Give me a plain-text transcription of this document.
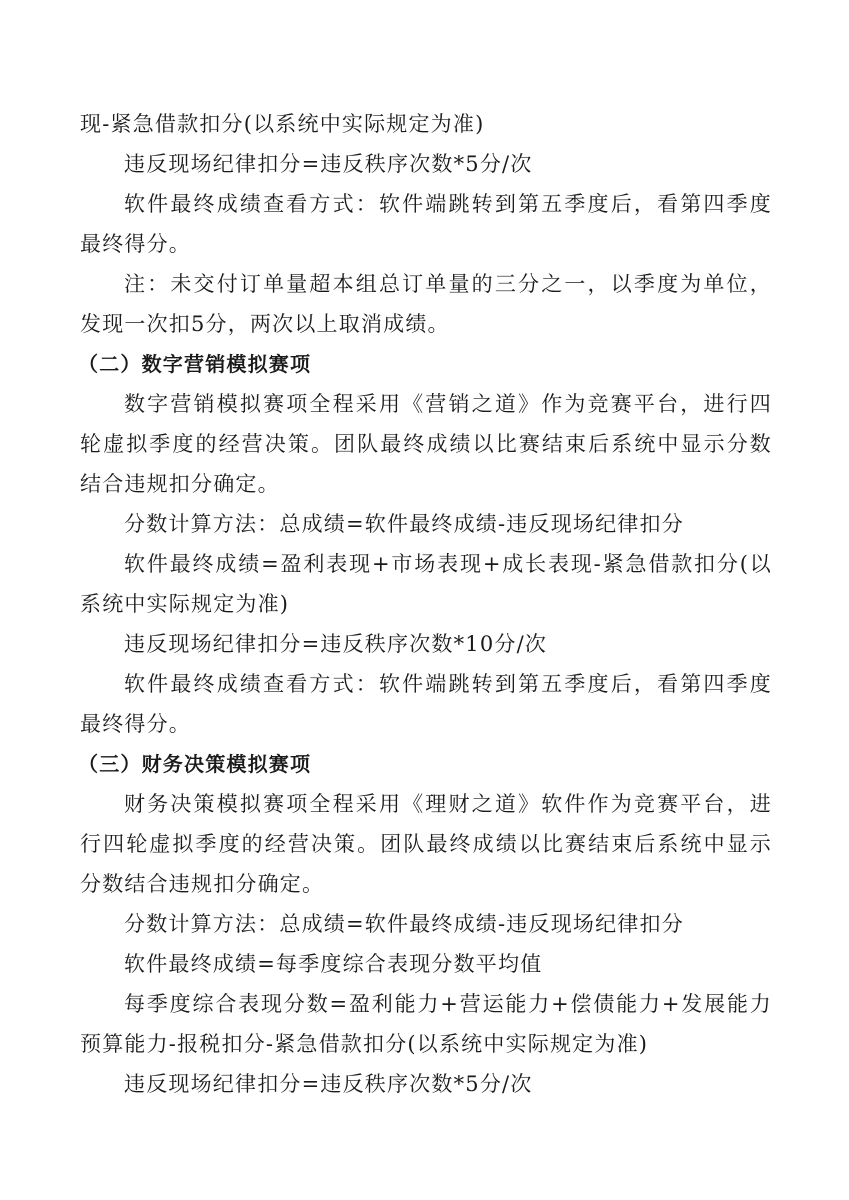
现-紧急借款扣分(以系统中实际规定为准)
违反现场纪律扣分=违反秩序次数*5分/次
软件最终成绩查看方式：软件端跳转到第五季度后，看第四季度
最终得分。
注：未交付订单量超本组总订单量的三分之一，以季度为单位，
发现一次扣5分，两次以上取消成绩。
（二）数字营销模拟赛项
数字营销模拟赛项全程采用《营销之道》作为竞赛平台，进行四
轮虚拟季度的经营决策。团队最终成绩以比赛结束后系统中显示分数
结合违规扣分确定。
分数计算方法：总成绩=软件最终成绩-违反现场纪律扣分
软件最终成绩=盈利表现+市场表现+成长表现-紧急借款扣分(以
系统中实际规定为准)
违反现场纪律扣分=违反秩序次数*10分/次
软件最终成绩查看方式：软件端跳转到第五季度后，看第四季度
最终得分。
（三）财务决策模拟赛项
财务决策模拟赛项全程采用《理财之道》软件作为竞赛平台，进
行四轮虚拟季度的经营决策。团队最终成绩以比赛结束后系统中显示
分数结合违规扣分确定。
分数计算方法：总成绩=软件最终成绩-违反现场纪律扣分
软件最终成绩=每季度综合表现分数平均值
每季度综合表现分数=盈利能力+营运能力+偿债能力+发展能力
预算能力-报税扣分-紧急借款扣分(以系统中实际规定为准)
违反现场纪律扣分=违反秩序次数*5分/次
